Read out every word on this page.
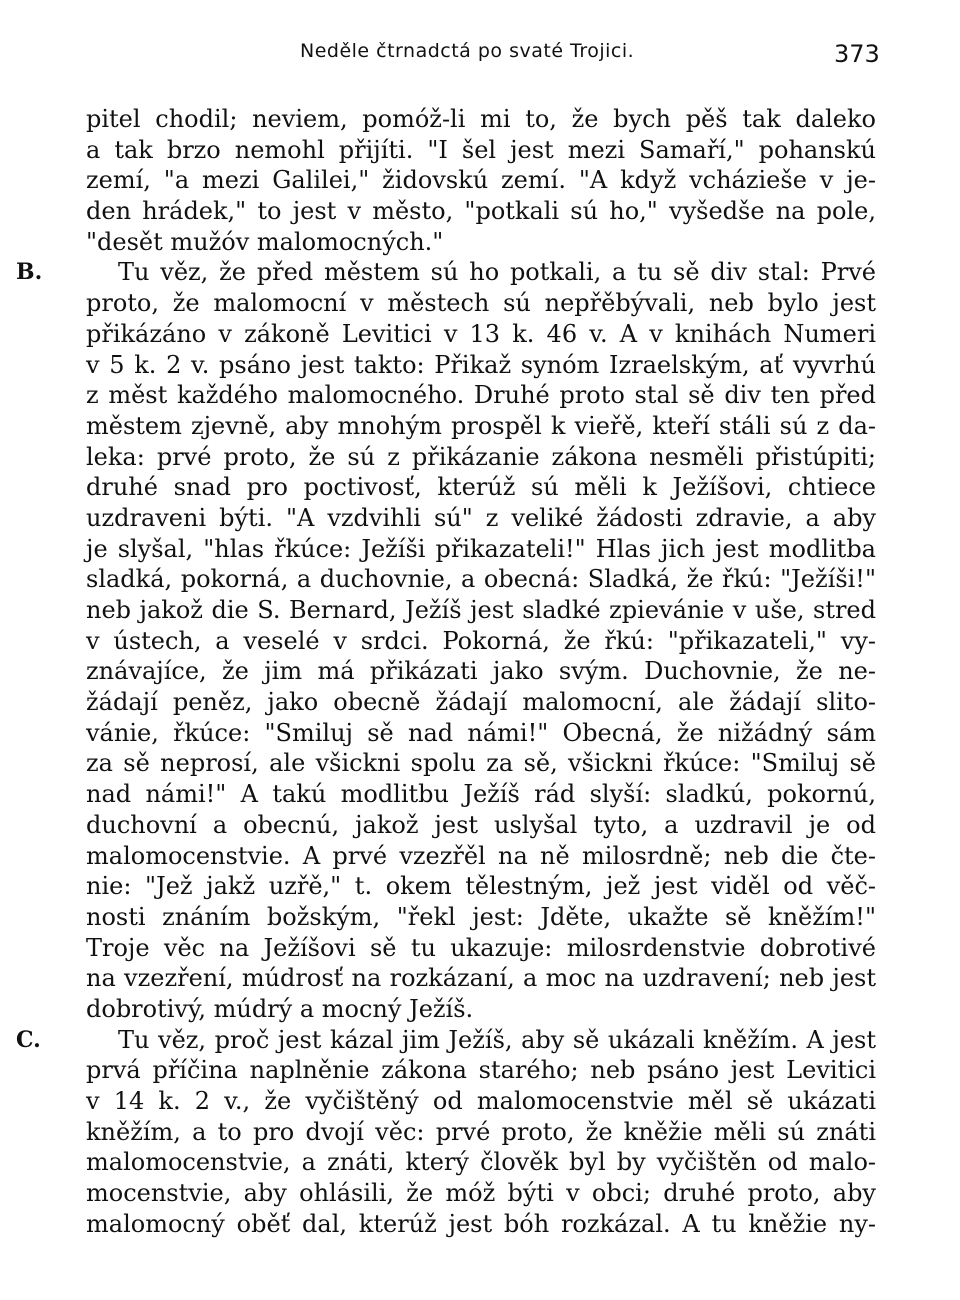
Neděle čtrnadctá po svaté Trojici.	373
pitel chodil; neviem, pomóž-li mi to, že bych pěš tak daleko
a tak brzo nemohl přijíti. "I šel jest mezi Samaří," pohanskú
zemí, "a mezi Galilei," židovskú zemí. "A když vcházieše v je-
den hrádek," to jest v město, "potkali sú ho," vyšedše na pole,
"desět mužóv malomocných."
B.	Tu věz, že před městem sú ho potkali, a tu sě div stal: Prvé
proto, že malomocní v městech sú nepřěbývali, neb bylo jest
přikázáno v zákoně Levitici v 13 k. 46 v. A v knihách Numeri
v 5 k. 2 v. psáno jest takto: Přikaž synóm Izraelským, ať vyvrhú
z měst každého malomocného. Druhé proto stal sě div ten před
městem zjevně, aby mnohým prospěl k vieřě, kteří stáli sú z da-
leka: prvé proto, že sú z přikázanie zákona nesměli přistúpiti;
druhé snad pro poctivosť, kterúž sú měli k Ježíšovi, chtiece
uzdraveni býti. "A vzdvihli sú" z veliké žádosti zdravie, a aby
je slyšal, "hlas řkúce: Ježíši přikazateli!" Hlas jich jest modlitba
sladká, pokorná, a duchovnie, a obecná: Sladká, že řkú: "Ježíši!"
neb jakož die S. Bernard, Ježíš jest sladké zpievánie v uše, stred
v ústech, a veselé v srdci. Pokorná, že řkú: "přikazateli," vy-
znávajíce, že jim má přikázati jako svým. Duchovnie, že ne-
žádají peněz, jako obecně žádají malomocní, ale žádají slito-
vánie, řkúce: "Smiluj sě nad námi!" Obecná, že nižádný sám
za sě neprosí, ale všickni spolu za sě, všickni řkúce: "Smiluj sě
nad námi!" A takú modlitbu Ježíš rád slyší: sladkú, pokornú,
duchovní a obecnú, jakož jest uslyšal tyto, a uzdravil je od
malomocenstvie. A prvé vzezřěl na ně milosrdně; neb die čte-
nie: "Jež jakž uzřě," t. okem tělestným, jež jest viděl od věč-
nosti znáním božským, "řekl jest: Jděte, ukažte sě kněžím!"
Troje věc na Ježíšovi sě tu ukazuje: milosrdenstvie dobrotivé
na vzezření, múdrosť na rozkázaní, a moc na uzdravení; neb jest
dobrotivý, múdrý a mocný Ježíš.
C.	Tu věz, proč jest kázal jim Ježíš, aby sě ukázali kněžím. A jest
prvá příčina naplněnie zákona starého; neb psáno jest Levitici
v 14 k. 2 v., že vyčištěný od malomocenstvie měl sě ukázati
kněžím, a to pro dvojí věc: prvé proto, že kněžie měli sú znáti
malomocenstvie, a znáti, který člověk byl by vyčištěn od malo-
mocenstvie, aby ohlásili, že móž býti v obci; druhé proto, aby
malomocný oběť dal, kterúž jest bóh rozkázal. A tu kněžie ny-
